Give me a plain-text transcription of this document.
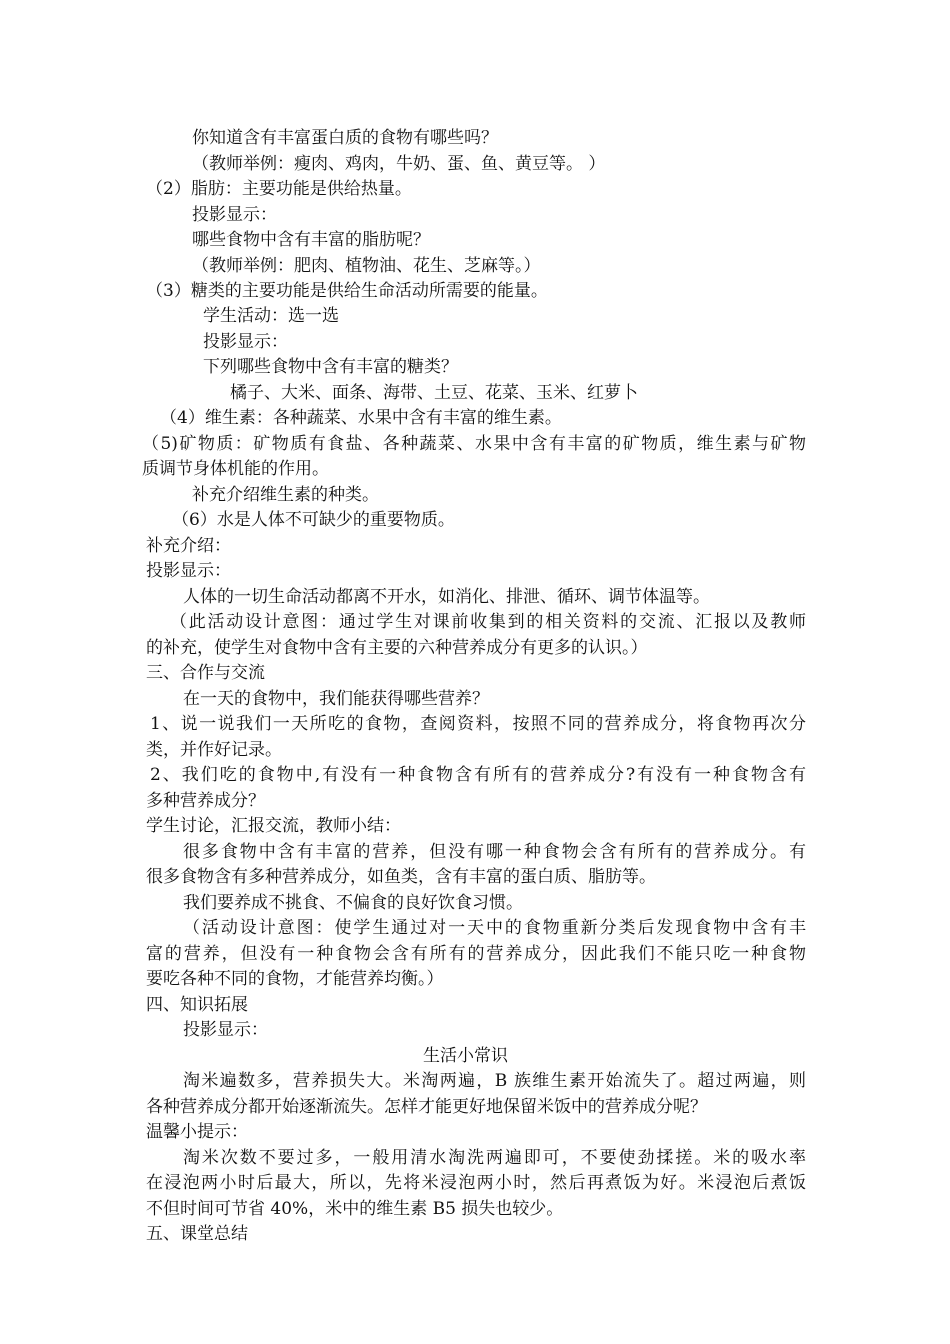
你知道含有丰富蛋白质的食物有哪些吗？
（教师举例：瘦肉、鸡肉，牛奶、蛋、鱼、黄豆等。 ）
（2）脂肪：主要功能是供给热量。
投影显示：
哪些食物中含有丰富的脂肪呢？
（教师举例：肥肉、植物油、花生、芝麻等。）
（3）糖类的主要功能是供给生命活动所需要的能量。
学生活动：选一选
投影显示：
下列哪些食物中含有丰富的糖类？
橘子、大米、面条、海带、土豆、花菜、玉米、红萝卜
（4）维生素：各种蔬菜、水果中含有丰富的维生素。
（5)矿物质：矿物质有食盐、各种蔬菜、水果中含有丰富的矿物质，维生素与矿物
质调节身体机能的作用。
补充介绍维生素的种类。
（6）水是人体不可缺少的重要物质。
补充介绍：
投影显示：
人体的一切生命活动都离不开水，如消化、排泄、循环、调节体温等。
（此活动设计意图：通过学生对课前收集到的相关资料的交流、汇报以及教师
的补充，使学生对食物中含有主要的六种营养成分有更多的认识。）
三、合作与交流
在一天的食物中，我们能获得哪些营养？
1、说一说我们一天所吃的食物，查阅资料，按照不同的营养成分，将食物再次分
类，并作好记录。
2、我们吃的食物中,有没有一种食物含有所有的营养成分?有没有一种食物含有
多种营养成分？
学生讨论，汇报交流，教师小结：
很多食物中含有丰富的营养，但没有哪一种食物会含有所有的营养成分。有
很多食物含有多种营养成分，如鱼类，含有丰富的蛋白质、脂肪等。
我们要养成不挑食、不偏食的良好饮食习惯。
（活动设计意图：使学生通过对一天中的食物重新分类后发现食物中含有丰
富的营养，但没有一种食物会含有所有的营养成分，因此我们不能只吃一种食物
要吃各种不同的食物，才能营养均衡。）
四、知识拓展
投影显示：
生活小常识
淘米遍数多，营养损失大。米淘两遍，B 族维生素开始流失了。超过两遍，则
各种营养成分都开始逐渐流失。怎样才能更好地保留米饭中的营养成分呢？
温馨小提示：
淘米次数不要过多，一般用清水淘洗两遍即可，不要使劲揉搓。米的吸水率
在浸泡两小时后最大，所以，先将米浸泡两小时，然后再煮饭为好。米浸泡后煮饭
不但时间可节省 40%，米中的维生素 B5 损失也较少。
五、课堂总结
